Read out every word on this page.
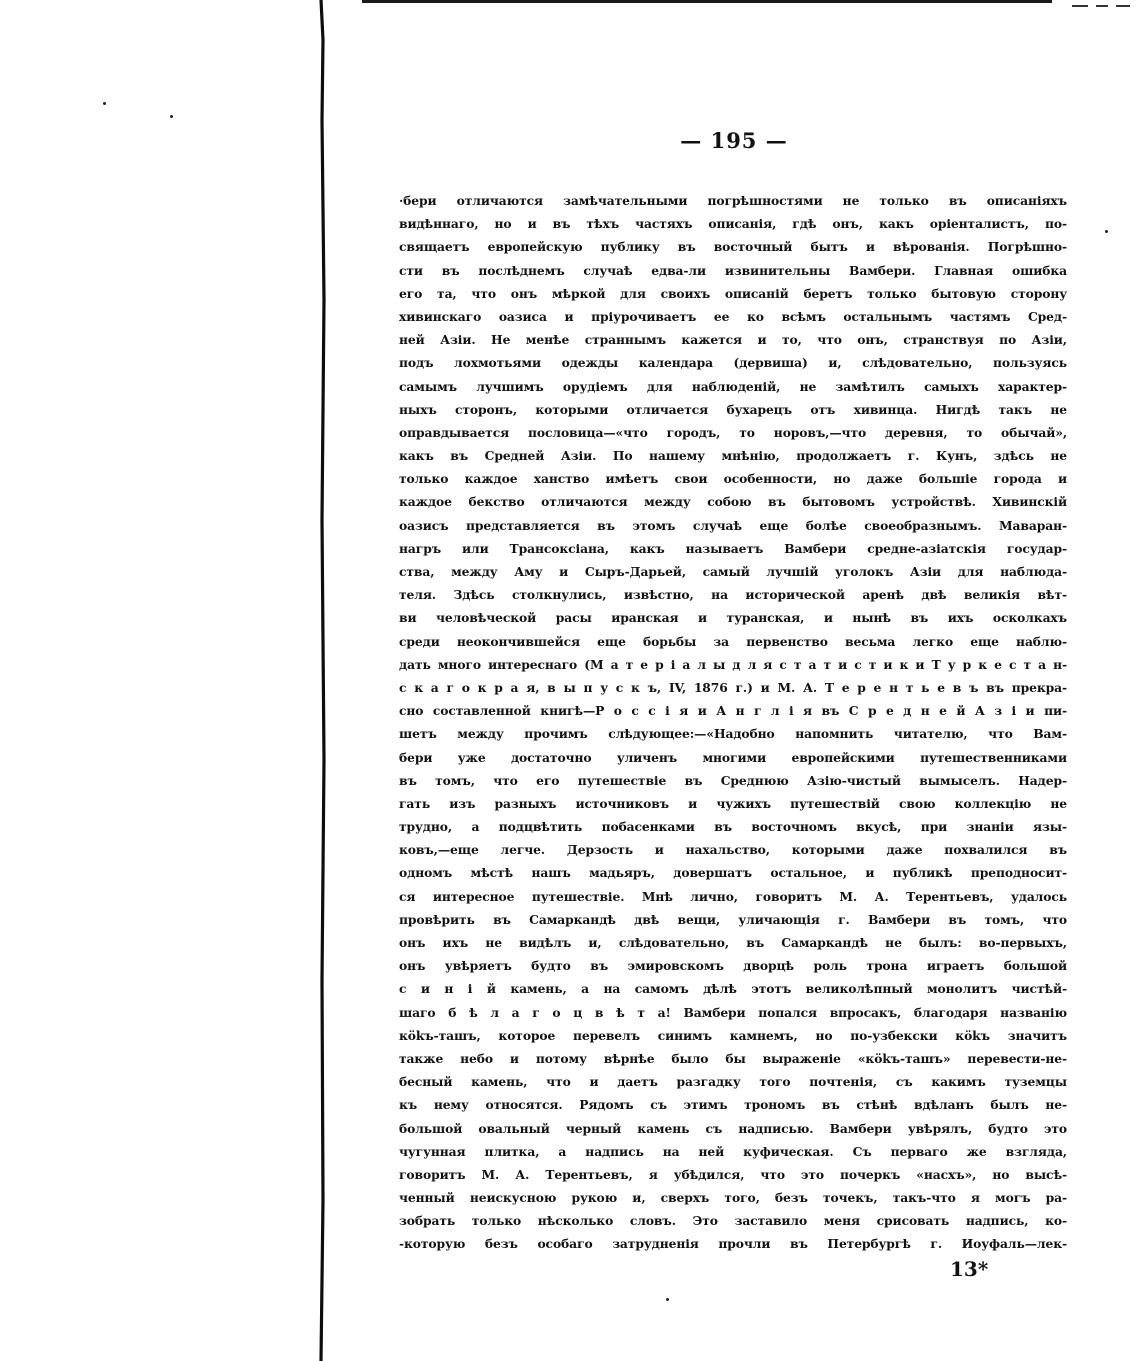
— 195 —
·бери отличаются замѣчательными погрѣшностями не только въ описаніяхъ
видѣннаго, но и въ тѣхъ частяхъ описанія, гдѣ онъ, какъ оріенталистъ, по-
свящаетъ европейскую публику въ восточный бытъ и вѣрованія. Погрѣшно-
сти въ послѣднемъ случаѣ едва-ли извинительны Вамбери. Главная ошибка
его та, что онъ мѣркой для своихъ описаній беретъ только бытовую сторону
хивинскаго оазиса и пріурочиваетъ ее ко всѣмъ остальнымъ частямъ Сред-
ней Азіи. Не менѣе страннымъ кажется и то, что онъ, странствуя по Азіи,
подъ лохмотьями одежды календара (дервиша) и, слѣдовательно, пользуясь
самымъ лучшимъ орудіемъ для наблюденій, не замѣтилъ самыхъ характер-
ныхъ сторонъ, которыми отличается бухарецъ отъ хивинца. Нигдѣ такъ не
оправдывается пословица—«что городъ, то норовъ,—что деревня, то обычай»,
какъ въ Средней Азіи. По нашему мнѣнію, продолжаетъ г. Кунъ, здѣсь не
только каждое ханство имѣетъ свои особенности, но даже большіе города и
каждое бекство отличаются между собою въ бытовомъ устройствѣ. Хивинскій
оазисъ представляется въ этомъ случаѣ еще болѣе своеобразнымъ. Маваран-
нагръ или Трансоксіана, какъ называетъ Вамбери средне-азіатскія государ-
ства, между Аму и Сыръ-Дарьей, самый лучшій уголокъ Азіи для наблюда-
теля. Здѣсь столкнулись, извѣстно, на исторической аренѣ двѣ великія вѣт-
ви человѣческой расы иранская и туранская, и нынѣ въ ихъ осколкахъ
среди неокончившейся еще борьбы за первенство весьма легко еще наблю-
дать много интереснаго (М а т е р і а л ы д л я с т а т и с т и к и Т у р к е с т а н-
с к а г о к р а я, в ы п у с к ъ, IV, 1876 г.) и М. А. Т е р е н т ь е в ъ въ прекра-
сно составленной книгѣ—Р о с с і я и А н г л і я въ С р е д н е й А з і и пи-
шетъ между прочимъ слѣдующее:—«Надобно напомнить читателю, что Вам-
бери уже достаточно уличенъ многими европейскими путешественниками
въ томъ, что его путешествіе въ Среднюю Азію-чистый вымыселъ. Надер-
гать изъ разныхъ источниковъ и чужихъ путешествій свою коллекцію не
трудно, а подцвѣтить побасенками въ восточномъ вкусѣ, при знаніи язы-
ковъ,—еще легче. Дерзость и нахальство, которыми даже похвалился въ
одномъ мѣстѣ нашъ мадьяръ, довершатъ остальное, и публикѣ преподносит-
ся интересное путешествіе. Мнѣ лично, говоритъ М. А. Терентьевъ, удалось
провѣрить въ Самаркандѣ двѣ вещи, уличающія г. Вамбери въ томъ, что
онъ ихъ не видѣлъ и, слѣдовательно, въ Самаркандѣ не былъ: во-первыхъ,
онъ увѣряетъ будто въ эмировскомъ дворцѣ роль трона играетъ большой
с и н і й камень, а на самомъ дѣлѣ этотъ великолѣпный монолитъ чистѣй-
шаго б ѣ л а г о ц в ѣ т а! Вамбери попался впросакъ, благодаря названію
кökъ-ташъ, которое перевелъ синимъ камнемъ, но по-узбекски кökъ значитъ
также небо и потому вѣрнѣе было бы выраженіе «кökъ-ташъ» перевести-не-
бесный камень, что и даетъ разгадку того почтенія, съ какимъ туземцы
къ нему относятся. Рядомъ съ этимъ трономъ въ стѣнѣ вдѣланъ былъ не-
большой овальный черный камень съ надписью. Вамбери увѣрялъ, будто это
чугунная плитка, а надпись на ней куфическая. Съ перваго же взгляда,
говоритъ М. А. Терентьевъ, я убѣдился, что это почеркъ «насхъ», но высѣ-
ченный неискусною рукою и, сверхъ того, безъ точекъ, такъ-что я могъ ра-
зобрать только нѣсколько словъ. Это заставило меня срисовать надпись, ко-
-которую безъ особаго затрудненія прочли въ Петербургѣ г. Иоуфаль—лек-
13*
